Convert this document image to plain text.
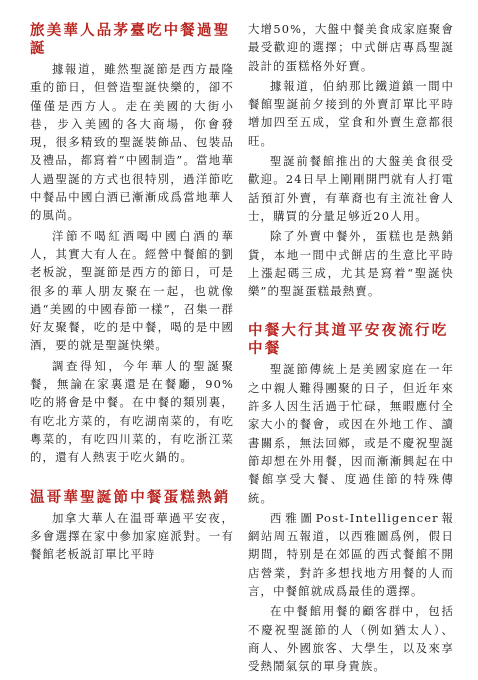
旅美華人品茅臺吃中餐過聖誕

據報道，雖然聖誕節是西方最隆重的節日，但營造聖誕快樂的，卻不僅僅是西方人。走在美國的大街小巷，步入美國的各大商場，你會發現，很多精致的聖誕裝飾品、包裝品及禮品，都寫着“中國制造”。當地華人過聖誕的方式也很特別，過洋節吃中餐品中國白酒已漸漸成爲當地華人的風尚。

洋節不喝紅酒喝中國白酒的華人，其實大有人在。經營中餐館的劉老板說，聖誕節是西方的節日，可是很多的華人朋友聚在一起，也就像過“美國的中國春節一樣”，召集一群好友聚餐，吃的是中餐，喝的是中國酒，要的就是聖誕快樂。

調查得知，今年華人的聖誕聚餐，無論在家裏還是在餐廳，90%吃的將會是中餐。在中餐的類別裏，有吃北方菜的，有吃湖南菜的，有吃粵菜的，有吃四川菜的，有吃浙江菜的，還有人熱衷于吃火鍋的。

温哥華聖誕節中餐蛋糕熱銷

加拿大華人在温哥華過平安夜，多會選擇在家中參加家庭派對。一有餐館老板説訂單比平時

大增50%，大盤中餐美食成家庭聚會最受歡迎的選擇；中式餅店專爲聖誕設計的蛋糕格外好賣。

據報道，伯納那比鐵道鎮一間中餐館聖誕前夕接到的外賣訂單比平時增加四至五成，堂食和外賣生意都很旺。

聖誕前餐館推出的大盤美食很受歡迎。24日早上剛剛開門就有人打電話預訂外賣，有華裔也有主流社會人士，購買的分量足够近20人用。

除了外賣中餐外，蛋糕也是熱銷貨，本地一間中式餅店的生意比平時上漲起碼三成，尤其是寫着“聖誕快樂”的聖誕蛋糕最熱賣。

中餐大行其道平安夜流行吃中餐

聖誕節傳統上是美國家庭在一年之中親人難得團聚的日子，但近年來許多人因生活過于忙碌，無暇應付全家大小的餐會，或因在外地工作、讀書關系，無法回鄉，或是不慶祝聖誕節却想在外用餐，因而漸漸興起在中餐館享受大餐、度過佳節的特殊傳統。

西雅圖Post-Intelligencer報網站周五報道，以西雅圖爲例，假日期間，特别是在郊區的西式餐館不開店營業，對許多想找地方用餐的人而言，中餐館就成爲最佳的選擇。

在中餐館用餐的顧客群中，包括不慶祝聖誕節的人（例如猶太人）、商人、外國旅客、大學生，以及來享受熱鬧氣氛的單身貴族。
